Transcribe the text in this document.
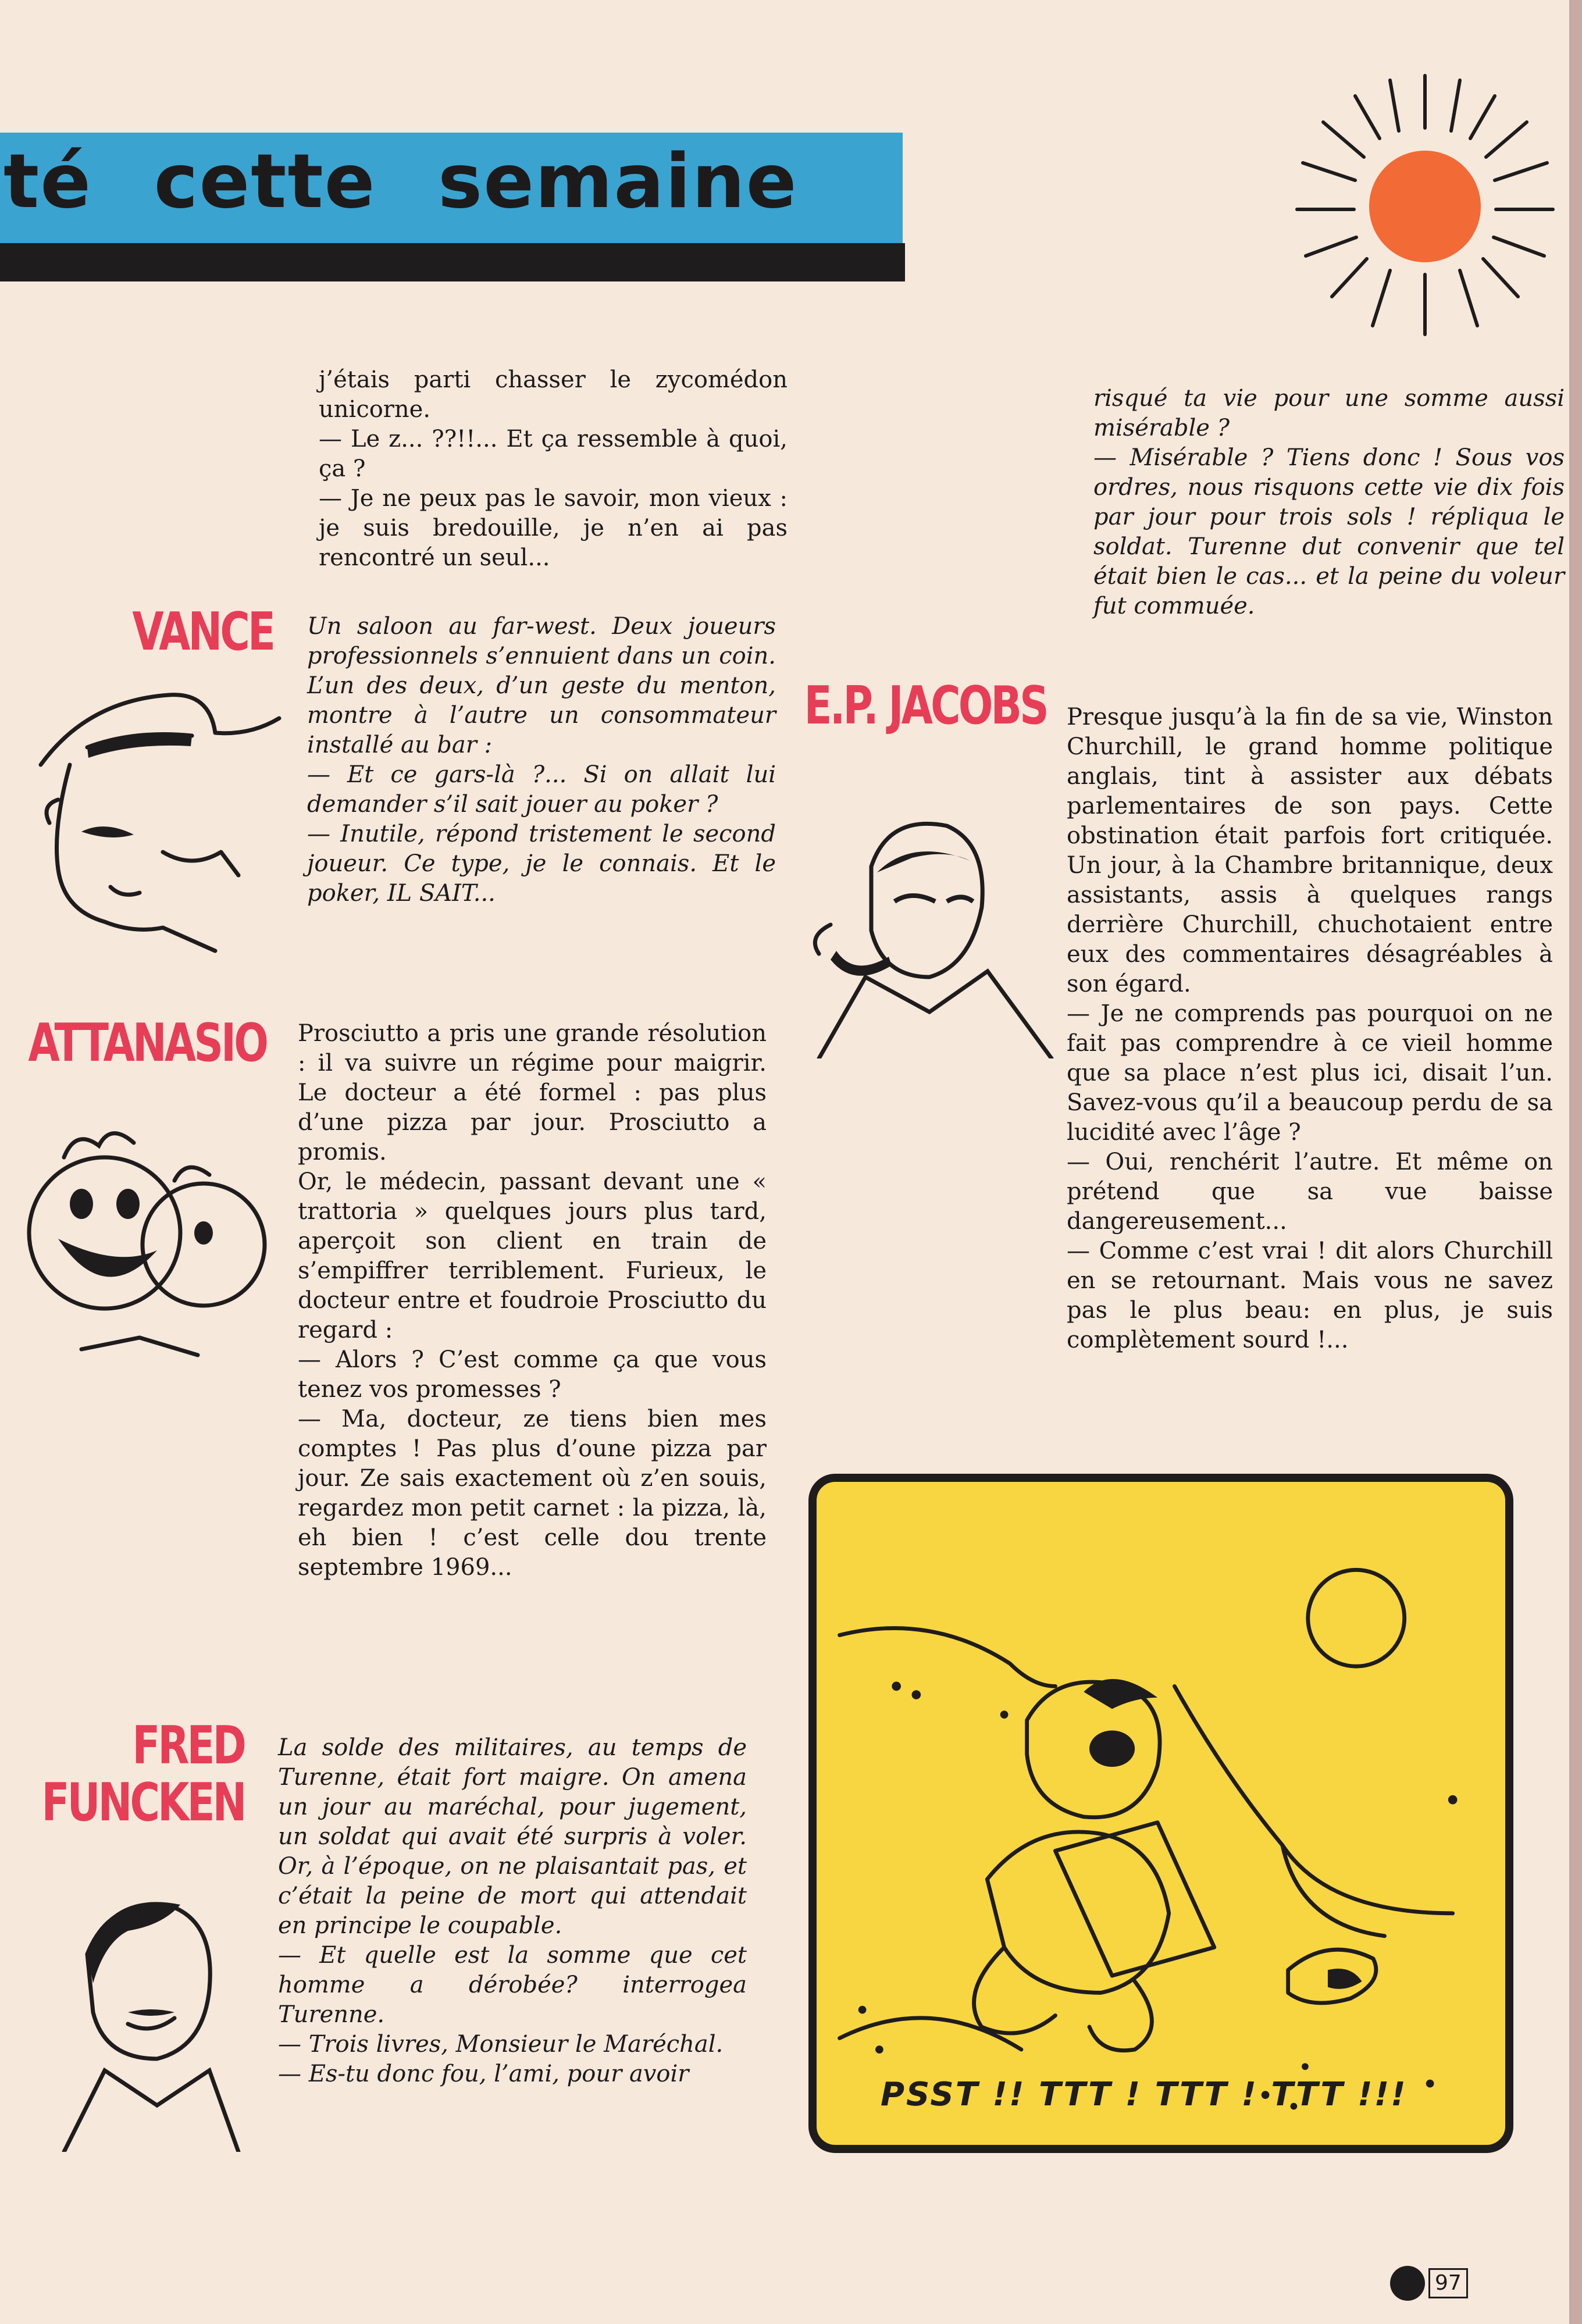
té cette semaine

j’étais parti chasser le zycomédon unicorne.

— Le z... ??!!... Et ça ressemble à quoi, ça ?

— Je ne peux pas le savoir, mon vieux : je suis bredouille, je n’en ai pas rencontré un seul...

VANCE Un saloon au far-west. Deux joueurs professionnels s’ennuient dans un coin. L’un des deux, d’un geste du menton, montre à l’autre un consommateur installé au bar :

— Et ce gars-là ?... Si on allait lui demander s’il sait jouer au poker ?

— Inutile, répond tristement le second joueur. Ce type, je le connais. Et le poker, IL SAIT...

ATTANASIO Prosciutto a pris une grande résolution : il va suivre un régime pour maigrir. Le docteur a été formel : pas plus d’une pizza par jour. Prosciutto a promis.

Or, le médecin, passant devant une « trattoria » quelques jours plus tard, aperçoit son client en train de s’empiffrer terriblement. Furieux, le docteur entre et foudroie Prosciutto du regard :

— Alors ? C’est comme ça que vous tenez vos promesses ?

— Ma, docteur, ze tiens bien mes comptes ! Pas plus d’oune pizza par jour. Ze sais exactement où z’en souis, regardez mon petit carnet : la pizza, là, eh bien ! c’est celle dou trente septembre 1969...

FRED
FUNCKEN

La solde des militaires, au temps de Turenne, était fort maigre. On amena un jour au maréchal, pour jugement, un soldat qui avait été surpris à voler. Or, à l’époque, on ne plaisantait pas, et c’était la peine de mort qui attendait en principe le coupable.

— Et quelle est la somme que cet homme a dérobée? interrogea Turenne.

— Trois livres, Monsieur le Maréchal.

— Es-tu donc fou, l’ami, pour avoir

risqué ta vie pour une somme aussi misérable ?

— Misérable ? Tiens donc ! Sous vos ordres, nous risquons cette vie dix fois par jour pour trois sols ! répliqua le soldat. Turenne dut convenir que tel était bien le cas... et la peine du voleur fut commuée.

E.P. JACOBS Presque jusqu’à la fin de sa vie, Winston Churchill, le grand homme politique anglais, tint à assister aux débats parlementaires de son pays. Cette obstination était parfois fort critiquée. Un jour, à la Chambre britannique, deux assistants, assis à quelques rangs derrière Churchill, chuchotaient entre eux des commentaires désagréables à son égard.

— Je ne comprends pas pourquoi on ne fait pas comprendre à ce vieil homme que sa place n’est plus ici, disait l’un. Savez-vous qu’il a beaucoup perdu de sa lucidité avec l’âge ?

— Oui, renchérit l’autre. Et même on prétend que sa vue baisse dangereusement...

— Comme c’est vrai ! dit alors Churchill en se retournant. Mais vous ne savez pas le plus beau: en plus, je suis complètement sourd !...

PSST !! TTT ! TTT ! TTT !!!
97
